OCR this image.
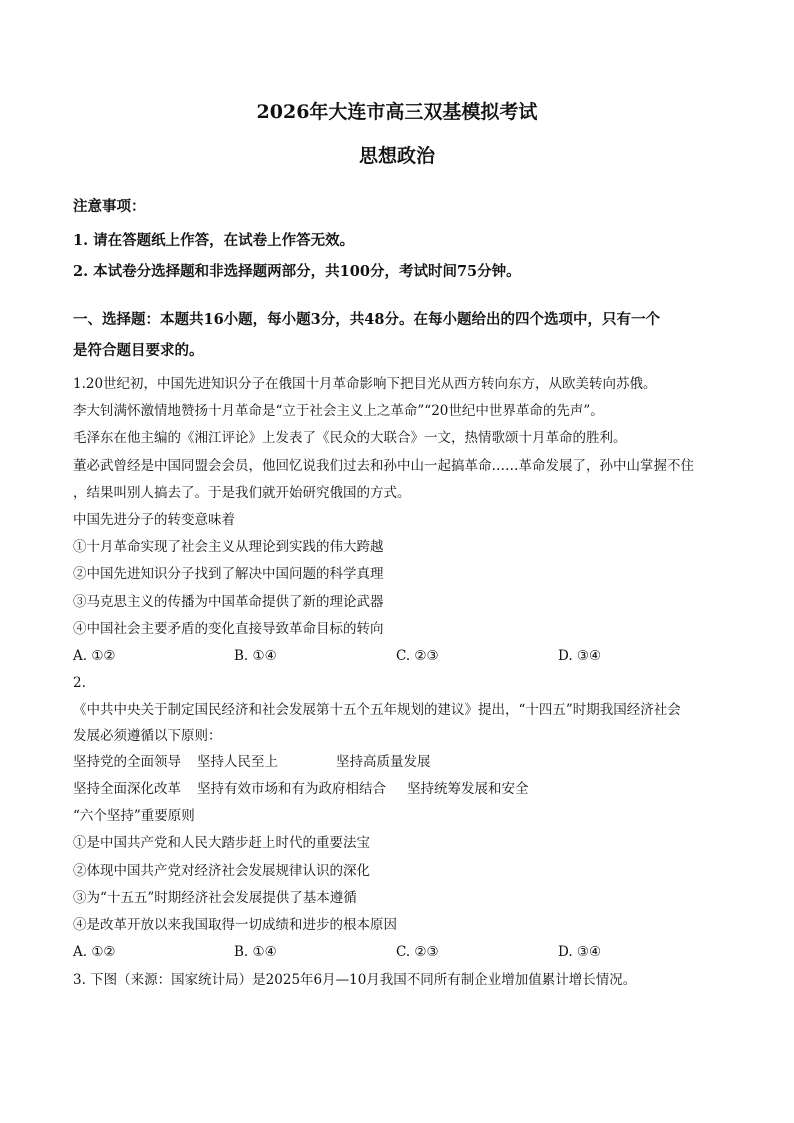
2026年大连市高三双基模拟考试
思想政治
注意事项：
1. 请在答题纸上作答，在试卷上作答无效。
2. 本试卷分选择题和非选择题两部分，共100分，考试时间75分钟。
一、选择题：本题共16小题，每小题3分，共48分。在每小题给出的四个选项中，只有一个
是符合题目要求的。
1.20世纪初，中国先进知识分子在俄国十月革命影响下把目光从西方转向东方，从欧美转向苏俄。
李大钊满怀激情地赞扬十月革命是“立于社会主义上之革命”“20世纪中世界革命的先声”。
毛泽东在他主编的《湘江评论》上发表了《民众的大联合》一文，热情歌颂十月革命的胜利。
董必武曾经是中国同盟会会员，他回忆说我们过去和孙中山一起搞革命……革命发展了，孙中山掌握不住
，结果叫别人搞去了。于是我们就开始研究俄国的方式。
中国先进分子的转变意味着
①十月革命实现了社会主义从理论到实践的伟大跨越
②中国先进知识分子找到了解决中国问题的科学真理
③马克思主义的传播为中国革命提供了新的理论武器
④中国社会主要矛盾的变化直接导致革命目标的转向
A. ①②	B. ①④	C. ②③	D. ③④
2.
《中共中央关于制定国民经济和社会发展第十五个五年规划的建议》提出，“十四五”时期我国经济社会
发展必须遵循以下原则：
坚持党的全面领导 坚持人民至上	坚持高质量发展
坚持全面深化改革 坚持有效市场和有为政府相结合 坚持统筹发展和安全
“六个坚持”重要原则
①是中国共产党和人民大踏步赶上时代的重要法宝
②体现中国共产党对经济社会发展规律认识的深化
③为“十五五”时期经济社会发展提供了基本遵循
④是改革开放以来我国取得一切成绩和进步的根本原因
A. ①②	B. ①④	C. ②③	D. ③④
3. 下图（来源：国家统计局）是2025年6月—10月我国不同所有制企业增加值累计增长情况。
